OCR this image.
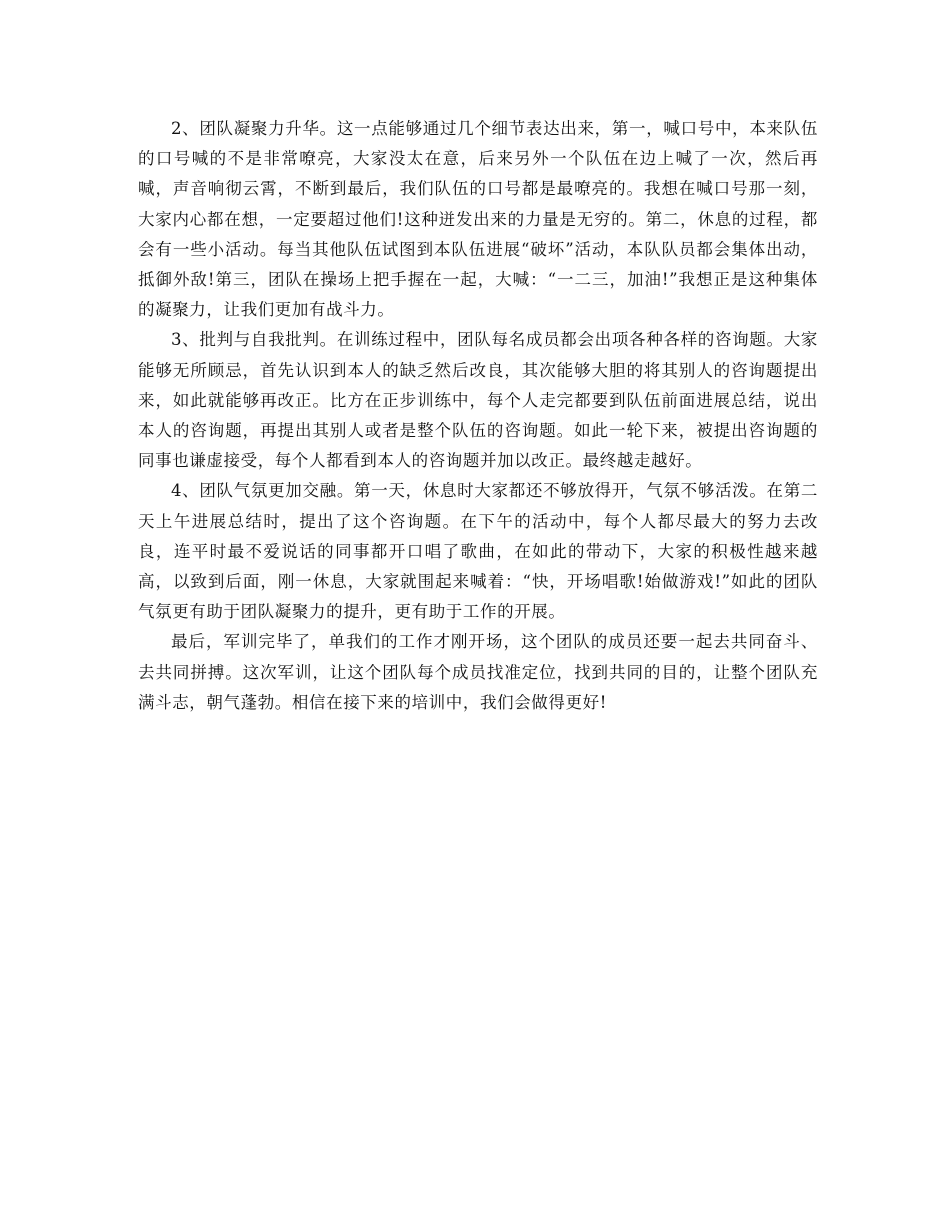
2、团队凝聚力升华。这一点能够通过几个细节表达出来，第一，喊口号中，本来队伍的口号喊的不是非常嘹亮，大家没太在意，后来另外一个队伍在边上喊了一次，然后再喊，声音响彻云霄，不断到最后，我们队伍的口号都是最嘹亮的。我想在喊口号那一刻，大家内心都在想，一定要超过他们!这种迸发出来的力量是无穷的。第二，休息的过程，都会有一些小活动。每当其他队伍试图到本队伍进展“破坏”活动，本队队员都会集体出动，抵御外敌!第三，团队在操场上把手握在一起，大喊：“一二三，加油!”我想正是这种集体的凝聚力，让我们更加有战斗力。

3、批判与自我批判。在训练过程中，团队每名成员都会出项各种各样的咨询题。大家能够无所顾忌，首先认识到本人的缺乏然后改良，其次能够大胆的将其别人的咨询题提出来，如此就能够再改正。比方在正步训练中，每个人走完都要到队伍前面进展总结，说出本人的咨询题，再提出其别人或者是整个队伍的咨询题。如此一轮下来，被提出咨询题的同事也谦虚接受，每个人都看到本人的咨询题并加以改正。最终越走越好。

4、团队气氛更加交融。第一天，休息时大家都还不够放得开，气氛不够活泼。在第二天上午进展总结时，提出了这个咨询题。在下午的活动中，每个人都尽最大的努力去改良，连平时最不爱说话的同事都开口唱了歌曲，在如此的带动下，大家的积极性越来越高，以致到后面，刚一休息，大家就围起来喊着：“快，开场唱歌!始做游戏!”如此的团队气氛更有助于团队凝聚力的提升，更有助于工作的开展。

最后，军训完毕了，单我们的工作才刚开场，这个团队的成员还要一起去共同奋斗、去共同拼搏。这次军训，让这个团队每个成员找准定位，找到共同的目的，让整个团队充满斗志，朝气蓬勃。相信在接下来的培训中，我们会做得更好!
